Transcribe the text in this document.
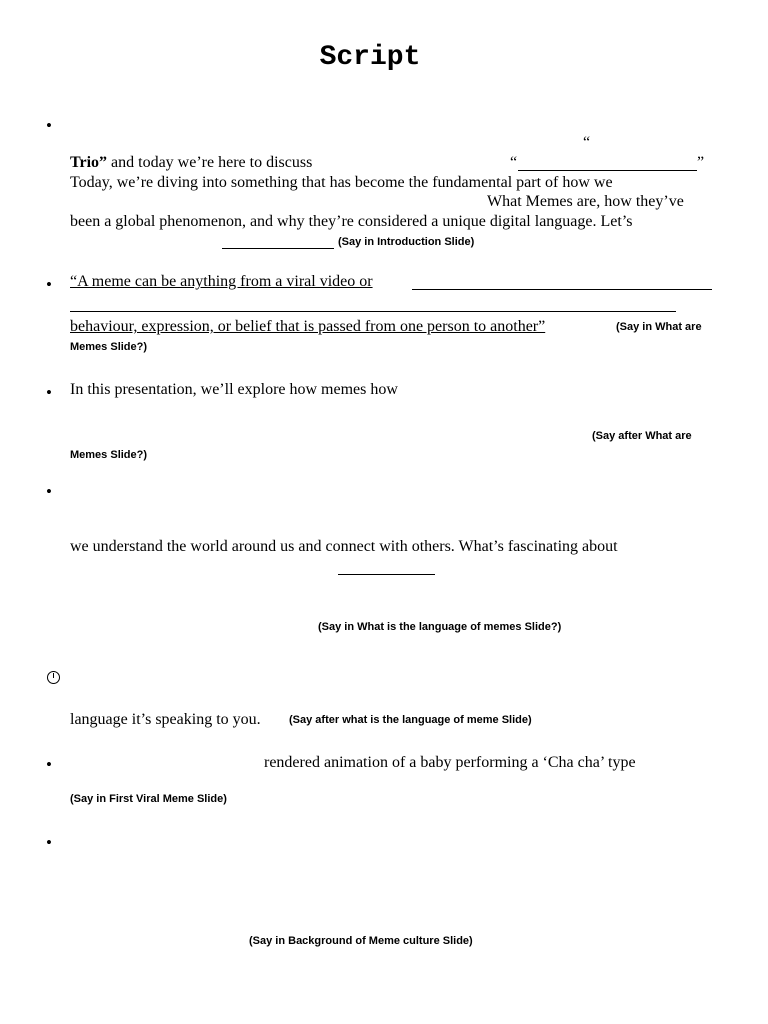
Script
•
“
Trio” and today we’re here to discuss	“	”
Today, we’re diving into something that has become the fundamental part of how we
What Memes are, how they’ve
been a global phenomenon, and why they’re considered a unique digital language. Let’s
(Say in Introduction Slide)
• “A meme can be anything from a viral video or
behaviour, expression, or belief that is passed from one person to another”	(Say in What are
Memes Slide?)
• In this presentation, we’ll explore how memes how
(Say after What are
Memes Slide?)
•
we understand the world around us and connect with others. What’s fascinating about
(Say in What is the language of memes Slide?)
language it’s speaking to you.	(Say after what is the language of meme Slide)
•	rendered animation of a baby performing a ‘Cha cha’ type
(Say in First Viral Meme Slide)
•
(Say in Background of Meme culture Slide)
